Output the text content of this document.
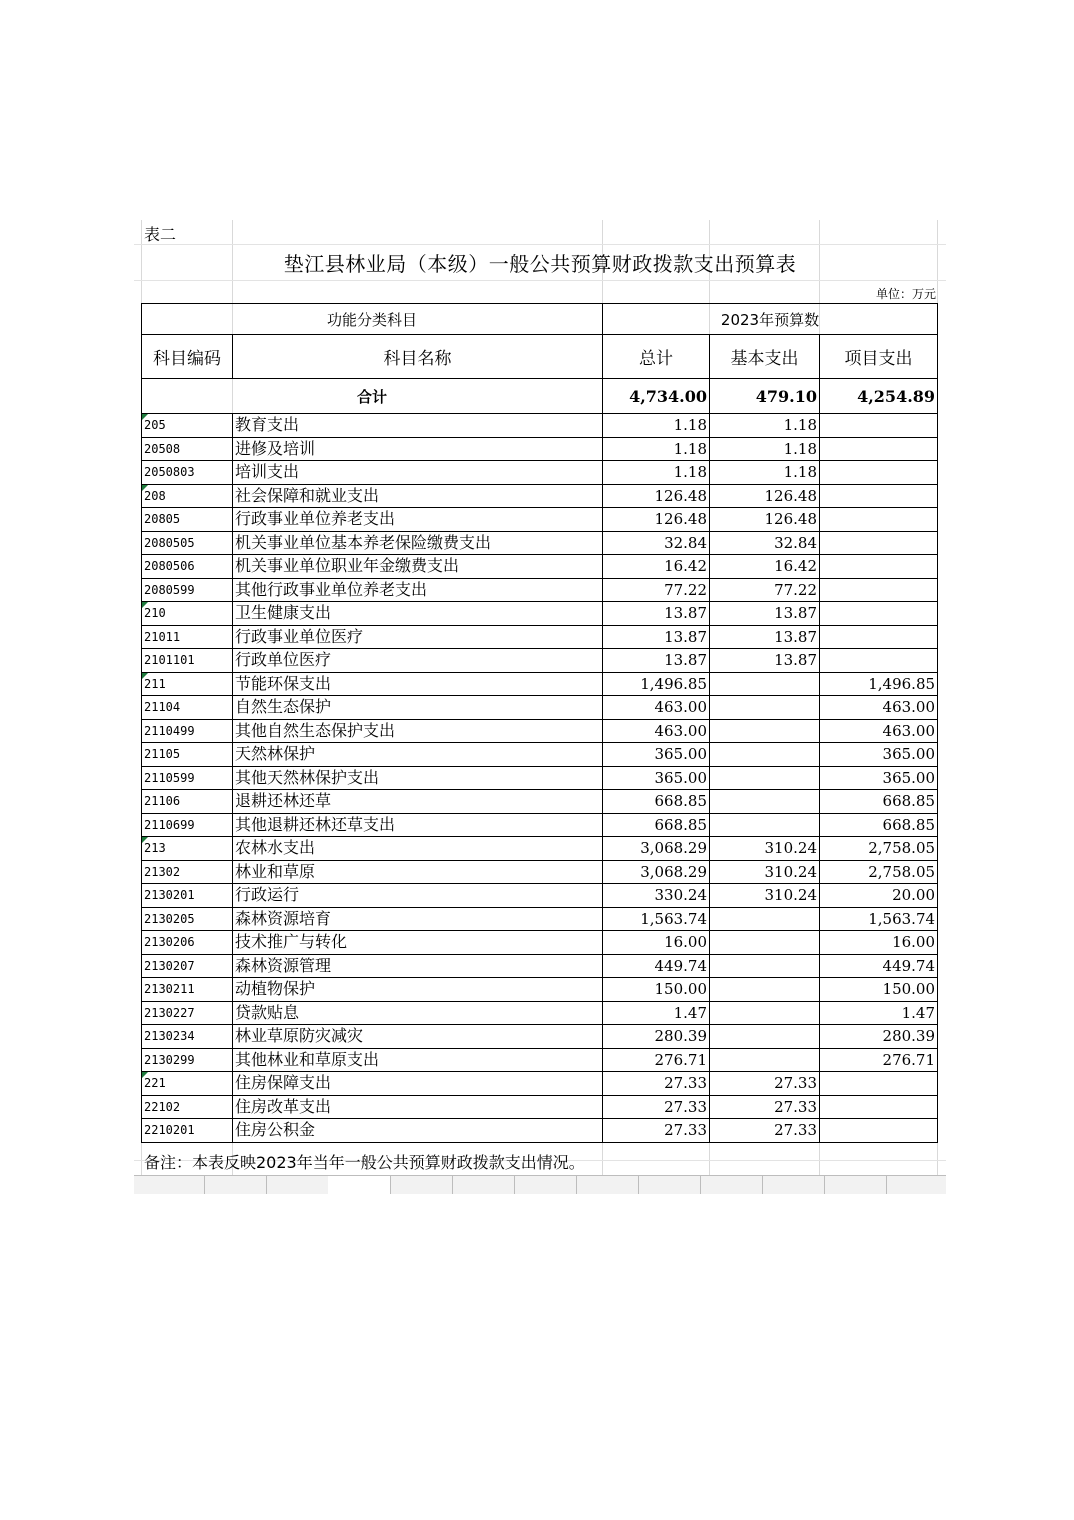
表二
垫江县林业局（本级）一般公共预算财政拨款支出预算表
单位：万元
功能分类科目		2023年预算数		
科目编码	科目名称	总计	基本支出	项目支出
合计		4,734.00	479.10	4,254.89
205	教育支出	1.18	1.18	
20508	进修及培训	1.18	1.18	
2050803	培训支出	1.18	1.18	
208	社会保障和就业支出	126.48	126.48	
20805	行政事业单位养老支出	126.48	126.48	
2080505	机关事业单位基本养老保险缴费支出	32.84	32.84	
2080506	机关事业单位职业年金缴费支出	16.42	16.42	
2080599	其他行政事业单位养老支出	77.22	77.22	
210	卫生健康支出	13.87	13.87	
21011	行政事业单位医疗	13.87	13.87	
2101101	行政单位医疗	13.87	13.87	
211	节能环保支出	1,496.85		1,496.85
21104	自然生态保护	463.00		463.00
2110499	其他自然生态保护支出	463.00		463.00
21105	天然林保护	365.00		365.00
2110599	其他天然林保护支出	365.00		365.00
21106	退耕还林还草	668.85		668.85
2110699	其他退耕还林还草支出	668.85		668.85
213	农林水支出	3,068.29	310.24	2,758.05
21302	林业和草原	3,068.29	310.24	2,758.05
2130201	行政运行	330.24	310.24	20.00
2130205	森林资源培育	1,563.74		1,563.74
2130206	技术推广与转化	16.00		16.00
2130207	森林资源管理	449.74		449.74
2130211	动植物保护	150.00		150.00
2130227	贷款贴息	1.47		1.47
2130234	林业草原防灾减灾	280.39		280.39
2130299	其他林业和草原支出	276.71		276.71
221	住房保障支出	27.33	27.33	
22102	住房改革支出	27.33	27.33	
2210201	住房公积金	27.33	27.33	
备注：本表反映2023年当年一般公共预算财政拨款支出情况。
